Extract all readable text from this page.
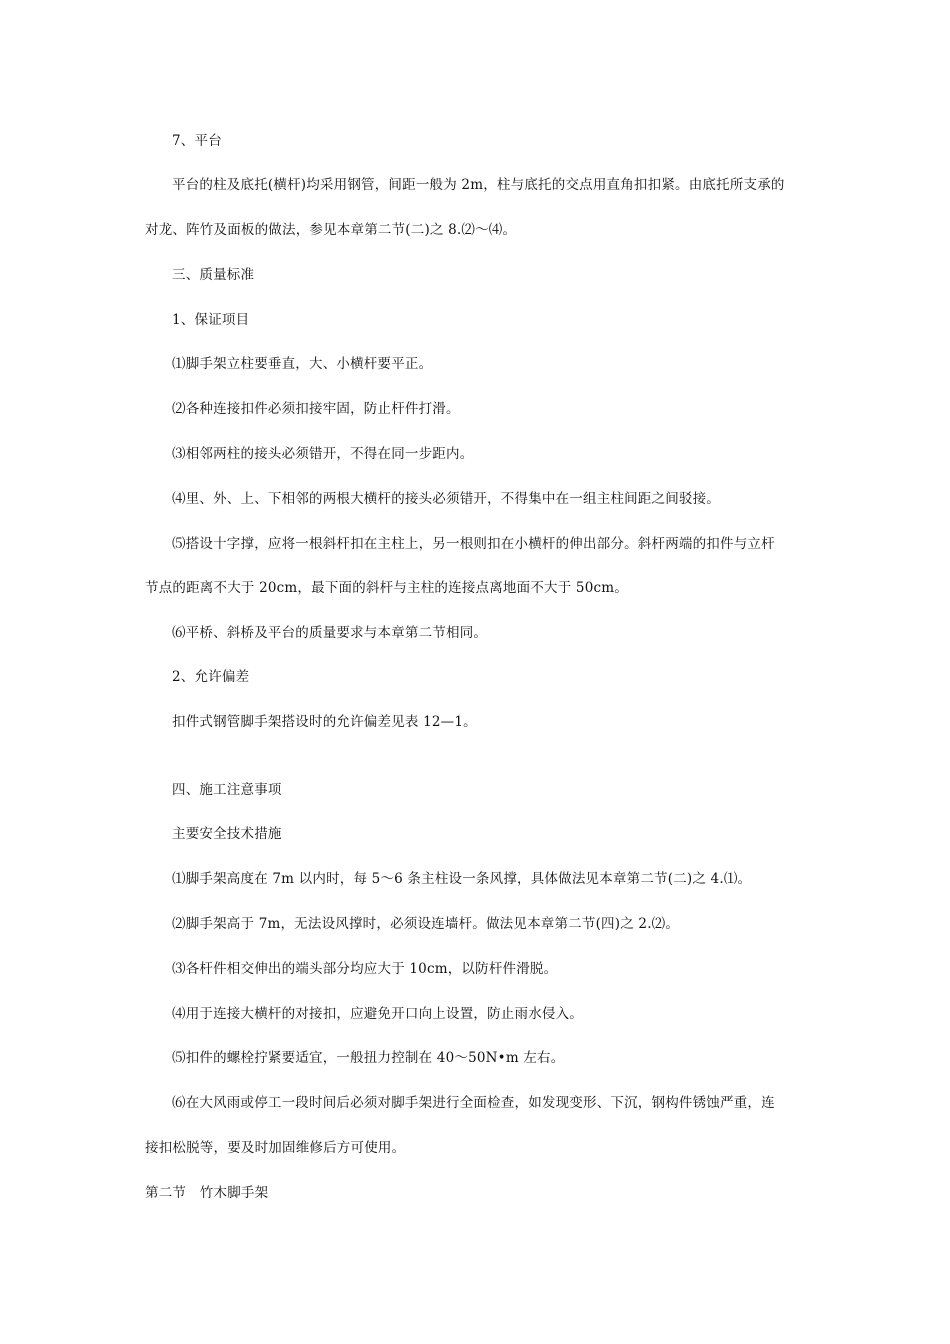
7、平台
平台的柱及底托(横杆)均采用钢管，间距一般为 2m，柱与底托的交点用直角扣扣紧。由底托所支承的
对龙、阵竹及面板的做法，参见本章第二节(二)之 8.⑵～⑷。
三、质量标准
1、保证项目
⑴脚手架立柱要垂直，大、小横杆要平正。
⑵各种连接扣件必须扣接牢固，防止杆件打滑。
⑶相邻两柱的接头必须错开，不得在同一步距内。
⑷里、外、上、下相邻的两根大横杆的接头必须错开，不得集中在一组主柱间距之间驳接。
⑸搭设十字撑，应将一根斜杆扣在主柱上，另一根则扣在小横杆的伸出部分。斜杆两端的扣件与立杆
节点的距离不大于 20cm，最下面的斜杆与主柱的连接点离地面不大于 50cm。
⑹平桥、斜桥及平台的质量要求与本章第二节相同。
2、允许偏差
扣件式钢管脚手架搭设时的允许偏差见表 12—1。
四、施工注意事项
主要安全技术措施
⑴脚手架高度在 7m 以内时，每 5～6 条主柱设一条风撑，具体做法见本章第二节(二)之 4.⑴。
⑵脚手架高于 7m，无法设风撑时，必须设连墙杆。做法见本章第二节(四)之 2.⑵。
⑶各杆件相交伸出的端头部分均应大于 10cm，以防杆件滑脱。
⑷用于连接大横杆的对接扣，应避免开口向上设置，防止雨水侵入。
⑸扣件的螺栓拧紧要适宜，一般扭力控制在 40～50N•m 左右。
⑹在大风雨或停工一段时间后必须对脚手架进行全面检查，如发现变形、下沉，钢构件锈蚀严重，连
接扣松脱等，要及时加固维修后方可使用。
第二节　竹木脚手架
